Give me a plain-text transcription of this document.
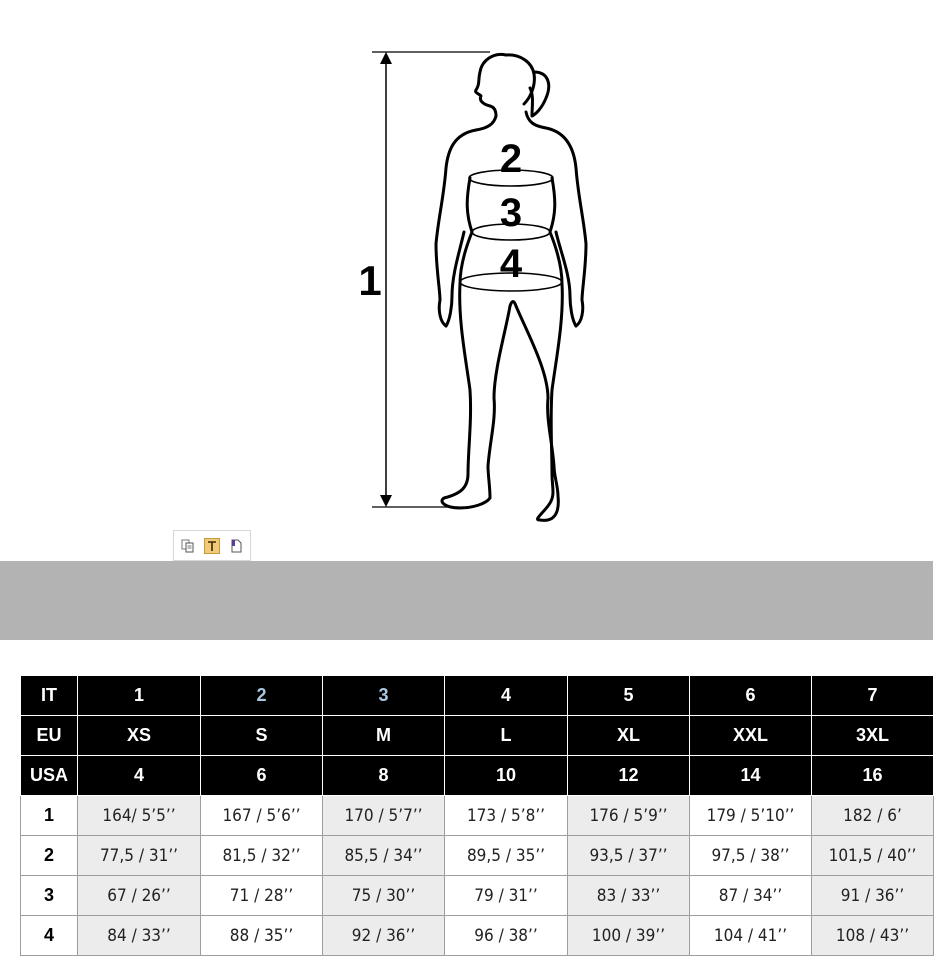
1
2
3
4
IT	1	2	3	4	5	6	7
EU	XS	S	M	L	XL	XXL	3XL
USA	4	6	8	10	12	14	16
1	164/ 5’5’’	167 / 5’6’’	170 / 5’7’’	173 / 5’8’’	176 / 5’9’’	179 / 5’10’’	182 / 6’
2	77,5 / 31’’	81,5 / 32’’	85,5 / 34’’	89,5 / 35’’	93,5 / 37’’	97,5 / 38’’	101,5 / 40’’
3	67 / 26’’	71 / 28’’	75 / 30’’	79 / 31’’	83 / 33’’	87 / 34’’	91 / 36’’
4	84 / 33’’	88 / 35’’	92 / 36’’	96 / 38’’	100 / 39’’	104 / 41’’	108 / 43’’
